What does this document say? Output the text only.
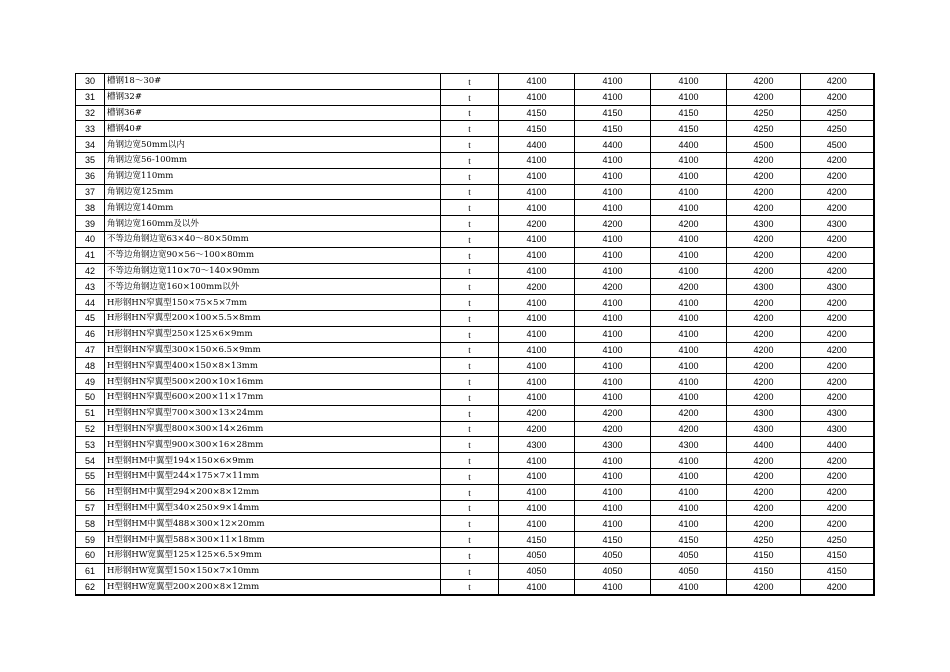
30	槽钢18～30#	t	4100	4100	4100	4200	4200
31	槽钢32#	t	4100	4100	4100	4200	4200
32	槽钢36#	t	4150	4150	4150	4250	4250
33	槽钢40#	t	4150	4150	4150	4250	4250
34	角钢边宽50mm以内	t	4400	4400	4400	4500	4500
35	角钢边宽56-100mm	t	4100	4100	4100	4200	4200
36	角钢边宽110mm	t	4100	4100	4100	4200	4200
37	角钢边宽125mm	t	4100	4100	4100	4200	4200
38	角钢边宽140mm	t	4100	4100	4100	4200	4200
39	角钢边宽160mm及以外	t	4200	4200	4200	4300	4300
40	不等边角钢边宽63×40～80×50mm	t	4100	4100	4100	4200	4200
41	不等边角钢边宽90×56～100×80mm	t	4100	4100	4100	4200	4200
42	不等边角钢边宽110×70～140×90mm	t	4100	4100	4100	4200	4200
43	不等边角钢边宽160×100mm以外	t	4200	4200	4200	4300	4300
44	H形钢HN窄翼型150×75×5×7mm	t	4100	4100	4100	4200	4200
45	H形钢HN窄翼型200×100×5.5×8mm	t	4100	4100	4100	4200	4200
46	H形钢HN窄翼型250×125×6×9mm	t	4100	4100	4100	4200	4200
47	H型钢HN窄翼型300×150×6.5×9mm	t	4100	4100	4100	4200	4200
48	H型钢HN窄翼型400×150×8×13mm	t	4100	4100	4100	4200	4200
49	H型钢HN窄翼型500×200×10×16mm	t	4100	4100	4100	4200	4200
50	H型钢HN窄翼型600×200×11×17mm	t	4100	4100	4100	4200	4200
51	H型钢HN窄翼型700×300×13×24mm	t	4200	4200	4200	4300	4300
52	H型钢HN窄翼型800×300×14×26mm	t	4200	4200	4200	4300	4300
53	H型钢HN窄翼型900×300×16×28mm	t	4300	4300	4300	4400	4400
54	H型钢HM中翼型194×150×6×9mm	t	4100	4100	4100	4200	4200
55	H型钢HM中翼型244×175×7×11mm	t	4100	4100	4100	4200	4200
56	H型钢HM中翼型294×200×8×12mm	t	4100	4100	4100	4200	4200
57	H型钢HM中翼型340×250×9×14mm	t	4100	4100	4100	4200	4200
58	H型钢HM中翼型488×300×12×20mm	t	4100	4100	4100	4200	4200
59	H型钢HM中翼型588×300×11×18mm	t	4150	4150	4150	4250	4250
60	H形钢HW宽翼型125×125×6.5×9mm	t	4050	4050	4050	4150	4150
61	H形钢HW宽翼型150×150×7×10mm	t	4050	4050	4050	4150	4150
62	H型钢HW宽翼型200×200×8×12mm	t	4100	4100	4100	4200	4200
